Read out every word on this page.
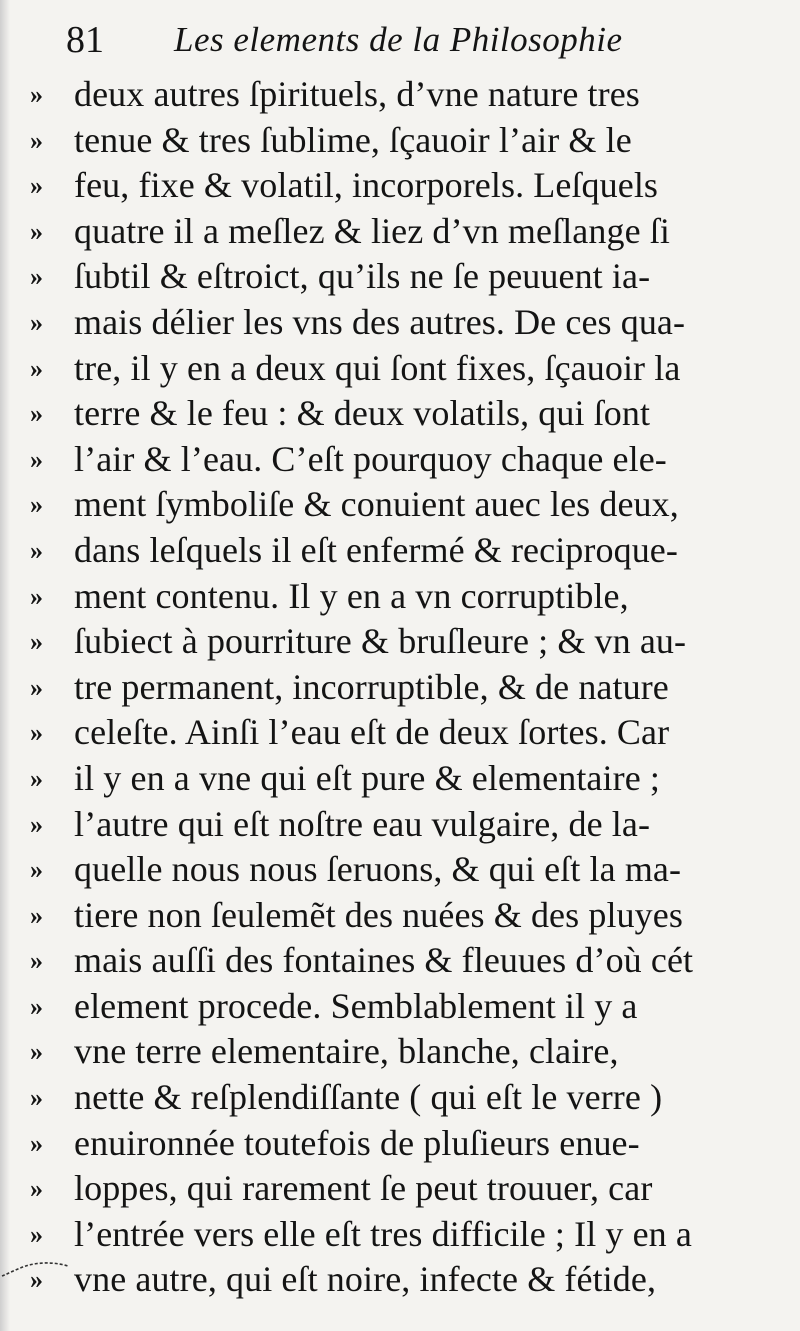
81 Les elements de la Philosophie
» deux autres ſpirituels, d’vne nature tres
» tenue & tres ſublime, ſçauoir l’air & le
» feu, fixe & volatil, incorporels. Leſquels
» quatre il a meſlez & liez d’vn meſlange ſi
» ſubtil & eſtroict, qu’ils ne ſe peuuent ia-
» mais délier les vns des autres. De ces qua-
» tre, il y en a deux qui ſont fixes, ſçauoir la
» terre & le feu : & deux volatils, qui ſont
» l’air & l’eau. C’eſt pourquoy chaque ele-
» ment ſymboliſe & conuient auec les deux,
» dans leſquels il eſt enfermé & reciproque-
» ment contenu. Il y en a vn corruptible,
» ſubiect à pourriture & bruſleure ; & vn au-
» tre permanent, incorruptible, & de nature
» celeſte. Ainſi l’eau eſt de deux ſortes. Car
» il y en a vne qui eſt pure & elementaire ;
» l’autre qui eſt noſtre eau vulgaire, de la-
» quelle nous nous ſeruons, & qui eſt la ma-
» tiere non ſeulemẽt des nuées & des pluyes
» mais auſſi des fontaines & fleuues d’où cét
» element procede. Semblablement il y a
» vne terre elementaire, blanche, claire,
» nette & reſplendiſſante ( qui eſt le verre )
» enuironnée toutefois de pluſieurs enue-
» loppes, qui rarement ſe peut trouuer, car
» l’entrée vers elle eſt tres difficile ; Il y en a
» vne autre, qui eſt noire, infecte & fétide,
